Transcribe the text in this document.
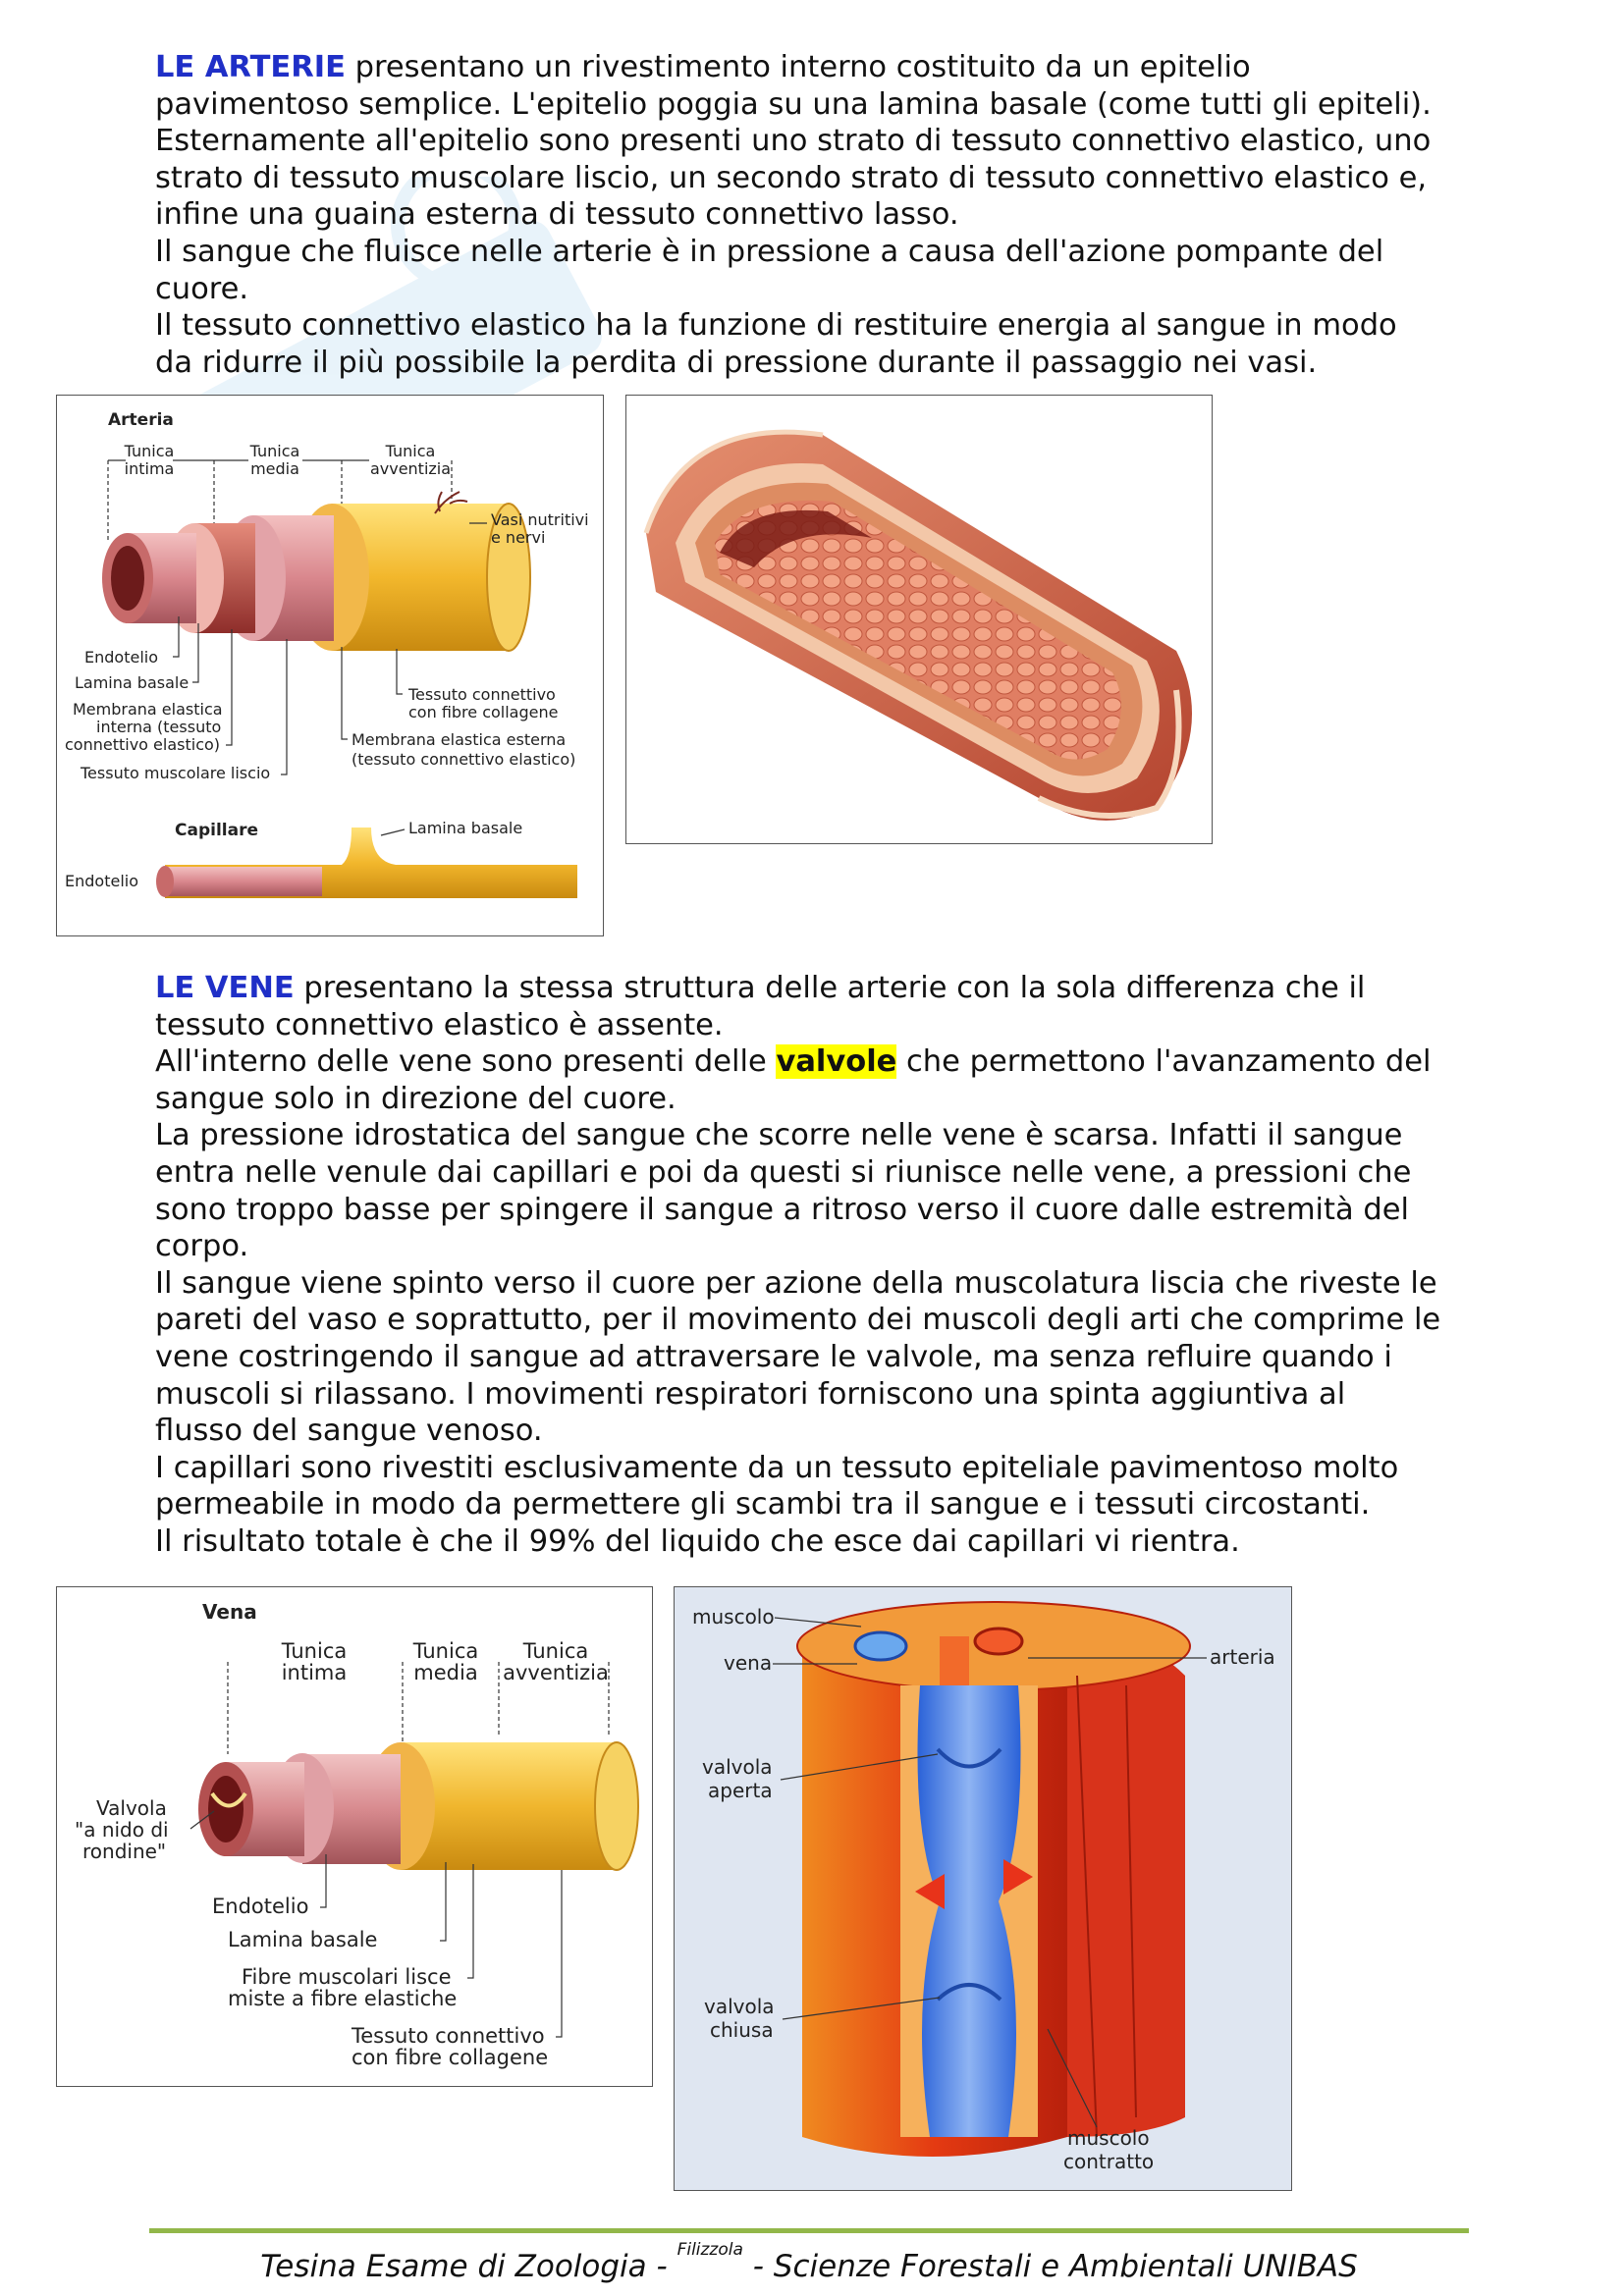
LE ARTERIE presentano un rivestimento interno costituito da un epitelio
pavimentoso semplice. L'epitelio poggia su una lamina basale (come tutti gli epiteli).
Esternamente all'epitelio sono presenti uno strato di tessuto connettivo elastico, uno
strato di tessuto muscolare liscio, un secondo strato di tessuto connettivo elastico e,
infine una guaina esterna di tessuto connettivo lasso.
Il sangue che fluisce nelle arterie è in pressione a causa dell'azione pompante del
cuore.
Il tessuto connettivo elastico ha la funzione di restituire energia al sangue in modo
da ridurre il più possibile la perdita di pressione durante il passaggio nei vasi.
Arteria
Tunica
intima
Tunica
media
Tunica
avventizia
Vasi nutritivi
e nervi
Endotelio
Lamina basale
Membrana elastica
interna (tessuto
connettivo elastico)
Tessuto muscolare liscio
Tessuto connettivo
con fibre collagene
Membrana elastica esterna
(tessuto connettivo elastico)
Capillare	Lamina basale
Endotelio
LE VENE presentano la stessa struttura delle arterie con la sola differenza che il
tessuto connettivo elastico è assente.
All'interno delle vene sono presenti delle valvole che permettono l'avanzamento del
sangue solo in direzione del cuore.
La pressione idrostatica del sangue che scorre nelle vene è scarsa. Infatti il sangue
entra nelle venule dai capillari e poi da questi si riunisce nelle vene, a pressioni che
sono troppo basse per spingere il sangue a ritroso verso il cuore dalle estremità del
corpo.
Il sangue viene spinto verso il cuore per azione della muscolatura liscia che riveste le
pareti del vaso e soprattutto, per il movimento dei muscoli degli arti che comprime le
vene costringendo il sangue ad attraversare le valvole, ma senza refluire quando i
muscoli si rilassano. I movimenti respiratori forniscono una spinta aggiuntiva al
flusso del sangue venoso.
I capillari sono rivestiti esclusivamente da un tessuto epiteliale pavimentoso molto
permeabile in modo da permettere gli scambi tra il sangue e i tessuti circostanti.
Il risultato totale è che il 99% del liquido che esce dai capillari vi rientra.
Vena
Tunica
intima
Tunica
media
Tunica
avventizia
Valvola
"a nido di
rondine"
Endotelio
Lamina basale
Fibre muscolari lisce
miste a fibre elastiche
Tessuto connettivo
con fibre collagene
muscolo
vena	arteria
valvola
aperta
valvola
chiusa
muscolo
contratto
Tesina Esame di Zoologia - $^{Filizzola}$ - Scienze Forestali e Ambientali UNIBAS
